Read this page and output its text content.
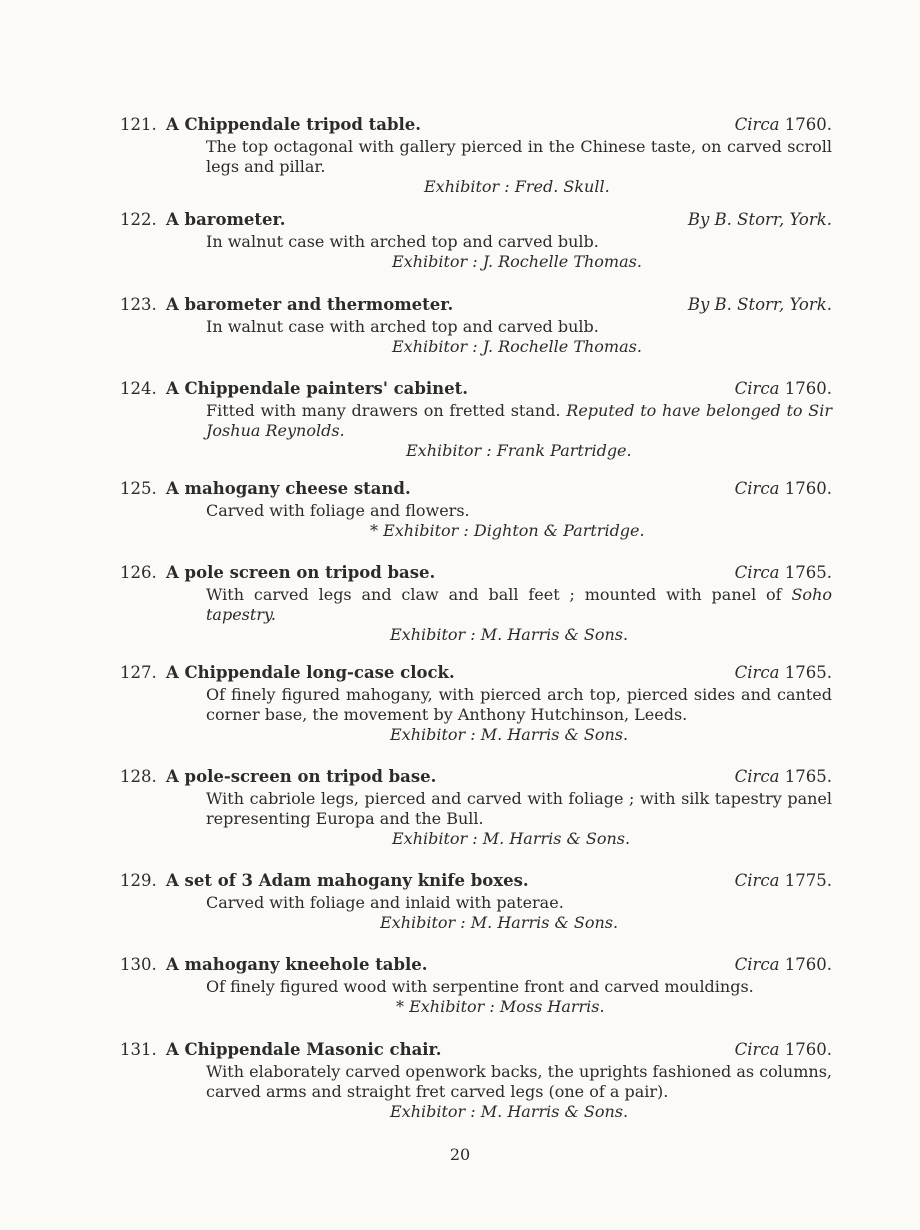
121. A Chippendale tripod table.	Circa 1760.
The top octagonal with gallery pierced in the Chinese taste, on carved scroll legs and pillar.
Exhibitor : Fred. Skull.
122. A barometer.	By B. Storr, York.
In walnut case with arched top and carved bulb.
Exhibitor : J. Rochelle Thomas.
123. A barometer and thermometer.	By B. Storr, York.
In walnut case with arched top and carved bulb.
Exhibitor : J. Rochelle Thomas.
124. A Chippendale painters' cabinet.	Circa 1760.
Fitted with many drawers on fretted stand. Reputed to have belonged to Sir Joshua Reynolds.
Exhibitor : Frank Partridge.
125. A mahogany cheese stand.	Circa 1760.
Carved with foliage and flowers.
* Exhibitor : Dighton & Partridge.
126. A pole screen on tripod base.	Circa 1765.
With carved legs and claw and ball feet ; mounted with panel of Soho tapestry.
Exhibitor : M. Harris & Sons.
127. A Chippendale long-case clock.	Circa 1765.
Of finely figured mahogany, with pierced arch top, pierced sides and canted corner base, the movement by Anthony Hutchinson, Leeds.
Exhibitor : M. Harris & Sons.
128. A pole-screen on tripod base.	Circa 1765.
With cabriole legs, pierced and carved with foliage ; with silk tapestry panel representing Europa and the Bull.
Exhibitor : M. Harris & Sons.
129. A set of 3 Adam mahogany knife boxes.	Circa 1775.
Carved with foliage and inlaid with paterae.
Exhibitor : M. Harris & Sons.
130. A mahogany kneehole table.	Circa 1760.
Of finely figured wood with serpentine front and carved mouldings.
* Exhibitor : Moss Harris.
131. A Chippendale Masonic chair.	Circa 1760.
With elaborately carved openwork backs, the uprights fashioned as columns, carved arms and straight fret carved legs (one of a pair).
Exhibitor : M. Harris & Sons.
20
